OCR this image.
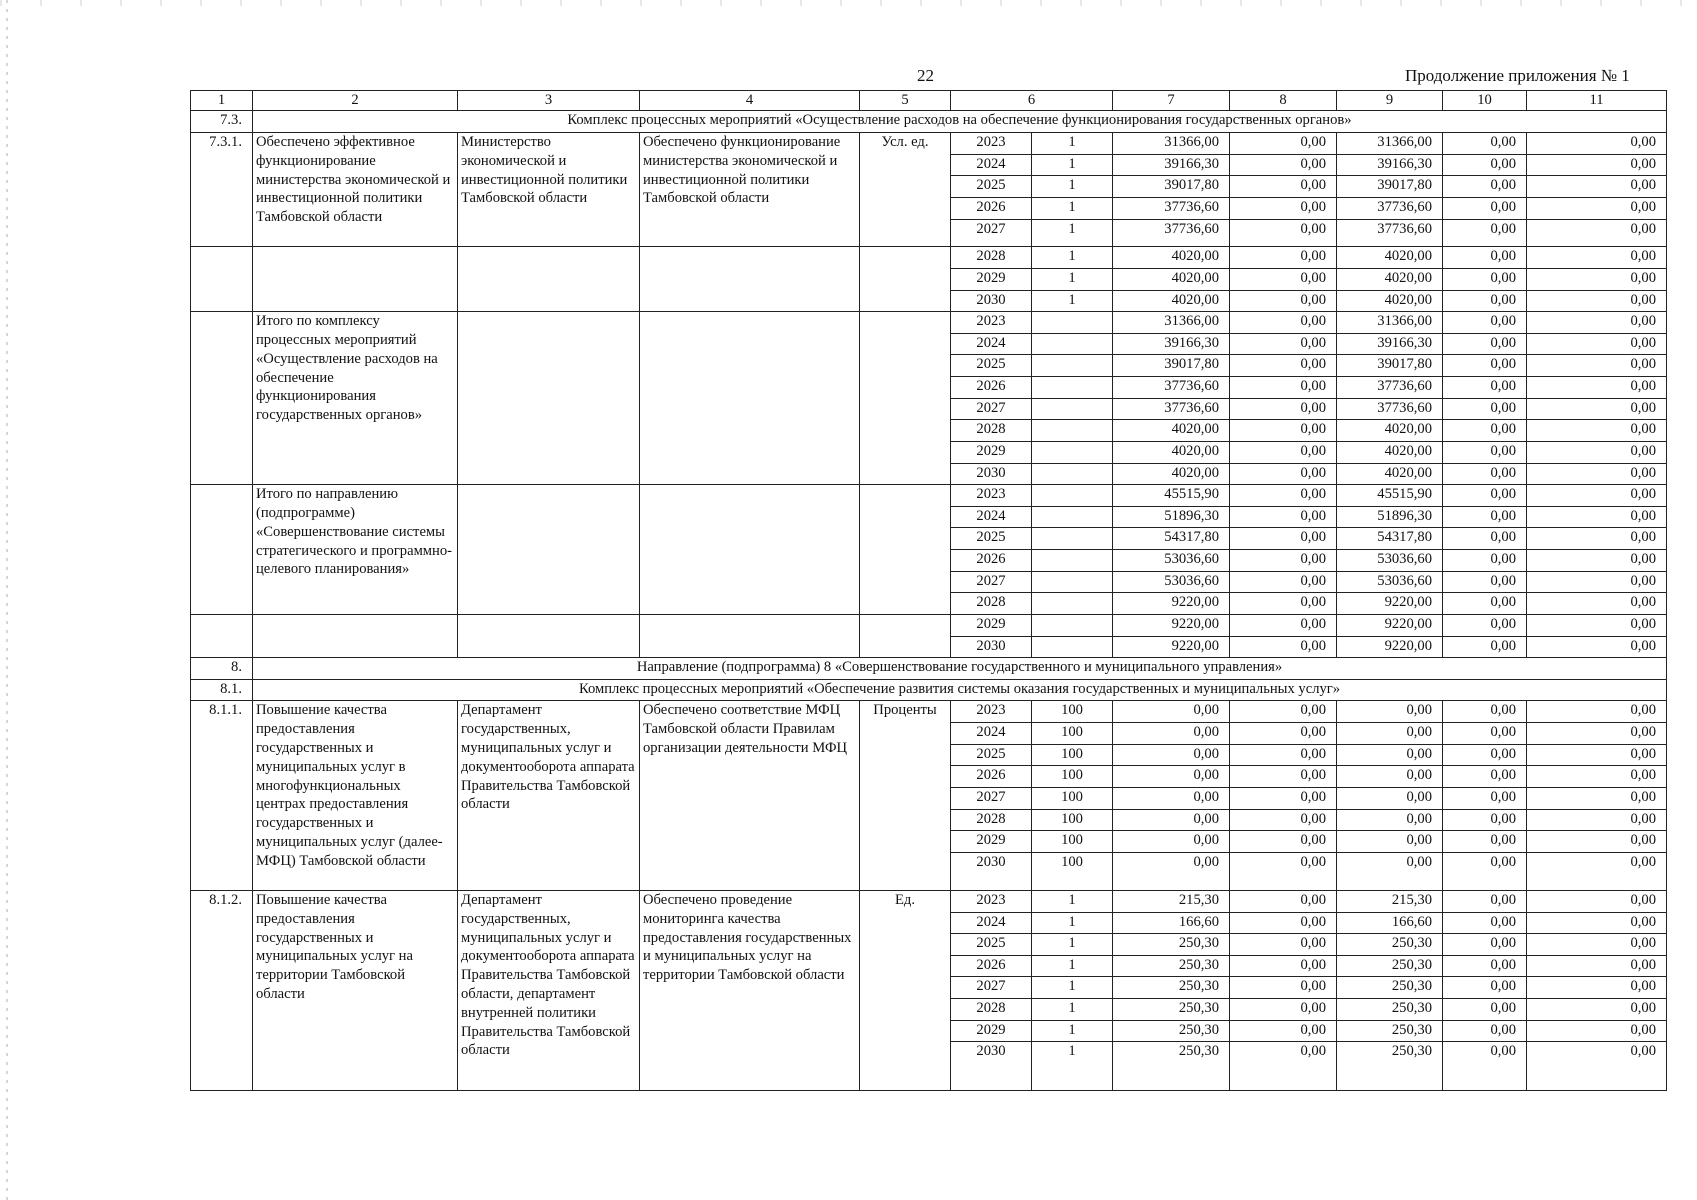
22	Продолжение приложения № 1
1	2	3	4	5	6		7	8	9	10	11
7.3.	Комплекс процессных мероприятий «Осуществление расходов на обеспечение функционирования государственных органов»										
7.3.1.	Обеспечено эффективное функционирование министерства экономической и инвестиционной политики Тамбовской области	Министерство экономической и инвестиционной политики Тамбовской области	Обеспечено функционирование министерства экономической и инвестиционной политики Тамбовской области	Усл. ед.	2023	1	31366,00	0,00	31366,00	0,00	0,00
					2024	1	39166,30	0,00	39166,30	0,00	0,00
					2025	1	39017,80	0,00	39017,80	0,00	0,00
					2026	1	37736,60	0,00	37736,60	0,00	0,00
					2027	1	37736,60	0,00	37736,60	0,00	0,00
					2028	1	4020,00	0,00	4020,00	0,00	0,00
					2029	1	4020,00	0,00	4020,00	0,00	0,00
					2030	1	4020,00	0,00	4020,00	0,00	0,00
	Итого по комплексу процессных мероприятий «Осуществление расходов на обеспечение функционирования государственных органов»				2023		31366,00	0,00	31366,00	0,00	0,00
					2024		39166,30	0,00	39166,30	0,00	0,00
					2025		39017,80	0,00	39017,80	0,00	0,00
					2026		37736,60	0,00	37736,60	0,00	0,00
					2027		37736,60	0,00	37736,60	0,00	0,00
					2028		4020,00	0,00	4020,00	0,00	0,00
					2029		4020,00	0,00	4020,00	0,00	0,00
					2030		4020,00	0,00	4020,00	0,00	0,00
	Итого по направлению (подпрограмме) «Совершенствование системы стратегического и программно-целевого планирования»				2023		45515,90	0,00	45515,90	0,00	0,00
					2024		51896,30	0,00	51896,30	0,00	0,00
					2025		54317,80	0,00	54317,80	0,00	0,00
					2026		53036,60	0,00	53036,60	0,00	0,00
					2027		53036,60	0,00	53036,60	0,00	0,00
					2028		9220,00	0,00	9220,00	0,00	0,00
					2029		9220,00	0,00	9220,00	0,00	0,00
					2030		9220,00	0,00	9220,00	0,00	0,00
8.	Направление (подпрограмма) 8 «Совершенствование государственного и муниципального управления»										
8.1.	Комплекс процессных мероприятий «Обеспечение развития системы оказания государственных и муниципальных услуг»										
8.1.1.	Повышение качества предоставления государственных и муниципальных услуг в многофункциональных центрах предоставления государственных и муниципальных услуг (далее- МФЦ) Тамбовской области	Департамент государственных, муниципальных услуг и документооборота аппарата Правительства Тамбовской области	Обеспечено соответствие МФЦ Тамбовской области Правилам организации деятельности МФЦ	Проценты	2023	100	0,00	0,00	0,00	0,00	0,00
					2024	100	0,00	0,00	0,00	0,00	0,00
					2025	100	0,00	0,00	0,00	0,00	0,00
					2026	100	0,00	0,00	0,00	0,00	0,00
					2027	100	0,00	0,00	0,00	0,00	0,00
					2028	100	0,00	0,00	0,00	0,00	0,00
					2029	100	0,00	0,00	0,00	0,00	0,00
					2030	100	0,00	0,00	0,00	0,00	0,00
8.1.2.	Повышение качества предоставления государственных и муниципальных услуг на территории Тамбовской области	Департамент государственных, муниципальных услуг и документооборота аппарата Правительства Тамбовской области, департамент внутренней политики Правительства Тамбовской области	Обеспечено проведение мониторинга качества предоставления государственных и муниципальных услуг на территории Тамбовской области	Ед.	2023	1	215,30	0,00	215,30	0,00	0,00
					2024	1	166,60	0,00	166,60	0,00	0,00
					2025	1	250,30	0,00	250,30	0,00	0,00
					2026	1	250,30	0,00	250,30	0,00	0,00
					2027	1	250,30	0,00	250,30	0,00	0,00
					2028	1	250,30	0,00	250,30	0,00	0,00
					2029	1	250,30	0,00	250,30	0,00	0,00
					2030	1	250,30	0,00	250,30	0,00	0,00
